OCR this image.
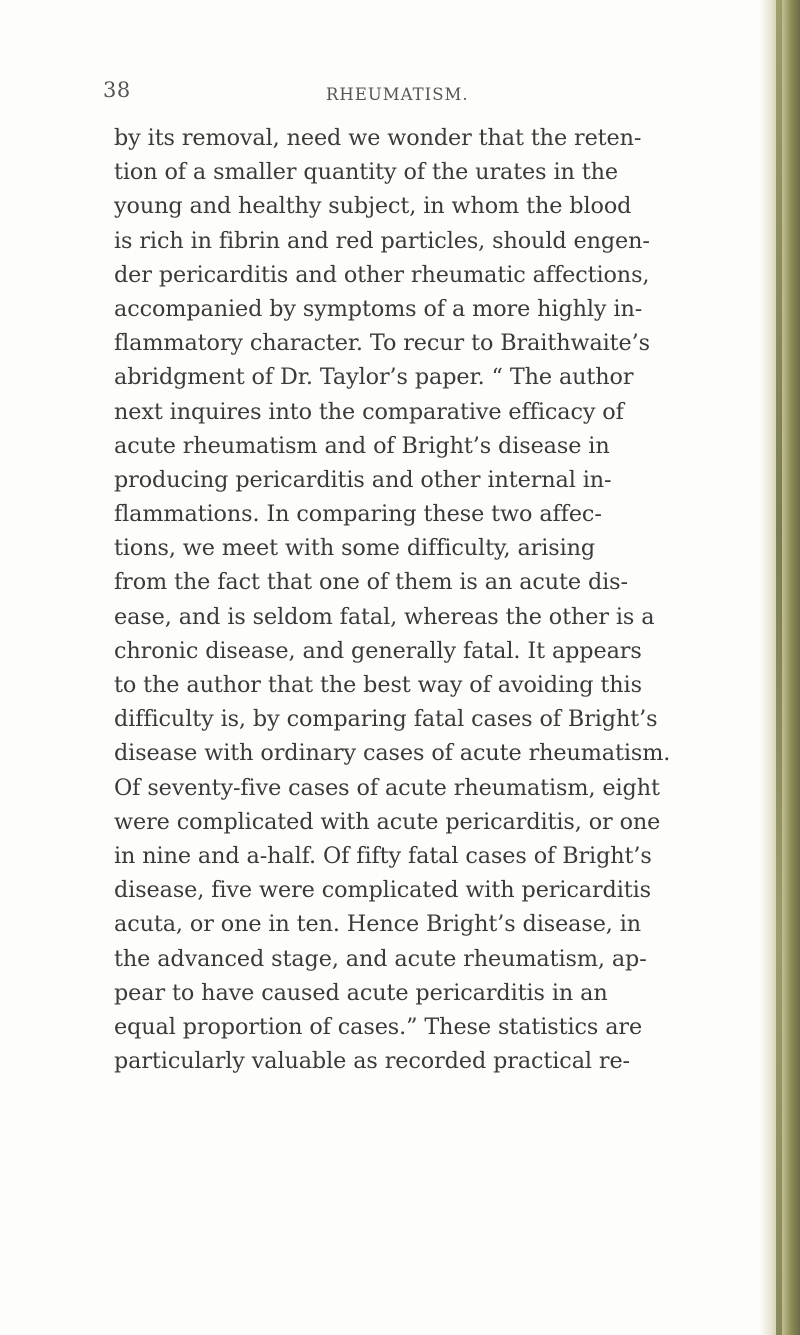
38	RHEUMATISM.

by its removal, need we wonder that the reten-
tion of a smaller quantity of the urates in the
young and healthy subject, in whom the blood
is rich in fibrin and red particles, should engen-
der pericarditis and other rheumatic affections,
accompanied by symptoms of a more highly in-
flammatory character. To recur to Braithwaite’s
abridgment of Dr. Taylor’s paper. “ The author
next inquires into the comparative efficacy of
acute rheumatism and of Bright’s disease in
producing pericarditis and other internal in-
flammations. In comparing these two affec-
tions, we meet with some difficulty, arising
from the fact that one of them is an acute dis-
ease, and is seldom fatal, whereas the other is a
chronic disease, and generally fatal. It appears
to the author that the best way of avoiding this
difficulty is, by comparing fatal cases of Bright’s
disease with ordinary cases of acute rheumatism.
Of seventy-five cases of acute rheumatism, eight
were complicated with acute pericarditis, or one
in nine and a-half. Of fifty fatal cases of Bright’s
disease, five were complicated with pericarditis
acuta, or one in ten. Hence Bright’s disease, in
the advanced stage, and acute rheumatism, ap-
pear to have caused acute pericarditis in an
equal proportion of cases.” These statistics are
particularly valuable as recorded practical re-
